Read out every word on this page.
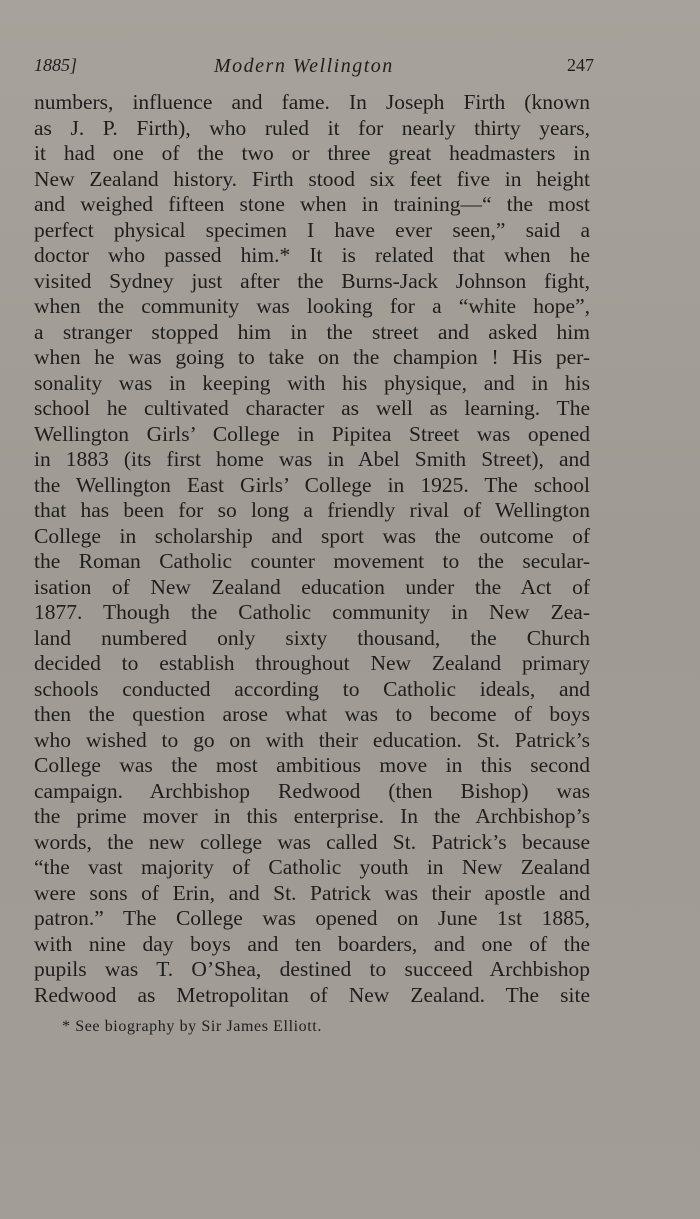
1885]	Modern Wellington	247
numbers, influence and fame. In Joseph Firth (known
as J. P. Firth), who ruled it for nearly thirty years,
it had one of the two or three great headmasters in
New Zealand history. Firth stood six feet five in height
and weighed fifteen stone when in training—“ the most
perfect physical specimen I have ever seen,” said a
doctor who passed him.* It is related that when he
visited Sydney just after the Burns-Jack Johnson fight,
when the community was looking for a “white hope”,
a stranger stopped him in the street and asked him
when he was going to take on the champion ! His per-
sonality was in keeping with his physique, and in his
school he cultivated character as well as learning. The
Wellington Girls’ College in Pipitea Street was opened
in 1883 (its first home was in Abel Smith Street), and
the Wellington East Girls’ College in 1925. The school
that has been for so long a friendly rival of Wellington
College in scholarship and sport was the outcome of
the Roman Catholic counter movement to the secular-
isation of New Zealand education under the Act of
1877. Though the Catholic community in New Zea-
land numbered only sixty thousand, the Church
decided to establish throughout New Zealand primary
schools conducted according to Catholic ideals, and
then the question arose what was to become of boys
who wished to go on with their education. St. Patrick’s
College was the most ambitious move in this second
campaign. Archbishop Redwood (then Bishop) was
the prime mover in this enterprise. In the Archbishop’s
words, the new college was called St. Patrick’s because
“the vast majority of Catholic youth in New Zealand
were sons of Erin, and St. Patrick was their apostle and
patron.” The College was opened on June 1st 1885,
with nine day boys and ten boarders, and one of the
pupils was T. O’Shea, destined to succeed Archbishop
Redwood as Metropolitan of New Zealand. The site
* See biography by Sir James Elliott.
